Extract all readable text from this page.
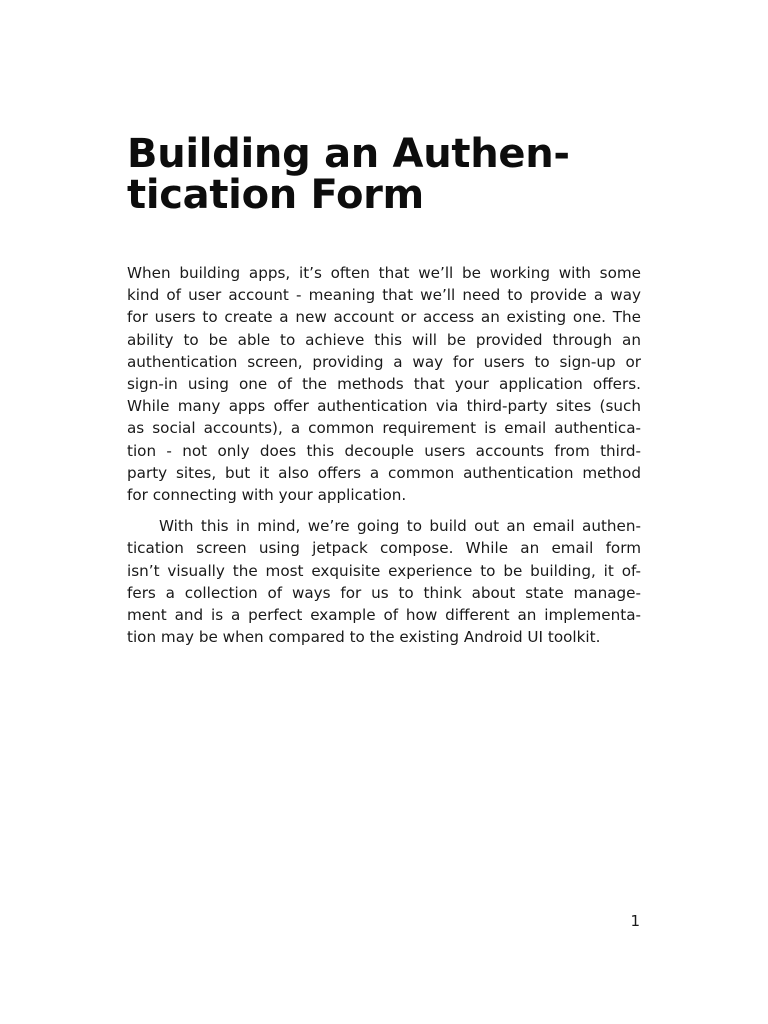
Building an Authen-
tication Form

When building apps, it’s often that we’ll be working with some
kind of user account - meaning that we’ll need to provide a way
for users to create a new account or access an existing one. The
ability to be able to achieve this will be provided through an
authentication screen, providing a way for users to sign-up or
sign-in using one of the methods that your application offers.
While many apps offer authentication via third-party sites (such
as social accounts), a common requirement is email authentica-
tion - not only does this decouple users accounts from third-
party sites, but it also offers a common authentication method
for connecting with your application.

With this in mind, we’re going to build out an email authen-
tication screen using jetpack compose. While an email form
isn’t visually the most exquisite experience to be building, it of-
fers a collection of ways for us to think about state manage-
ment and is a perfect example of how different an implementa-
tion may be when compared to the existing Android UI toolkit.

1
